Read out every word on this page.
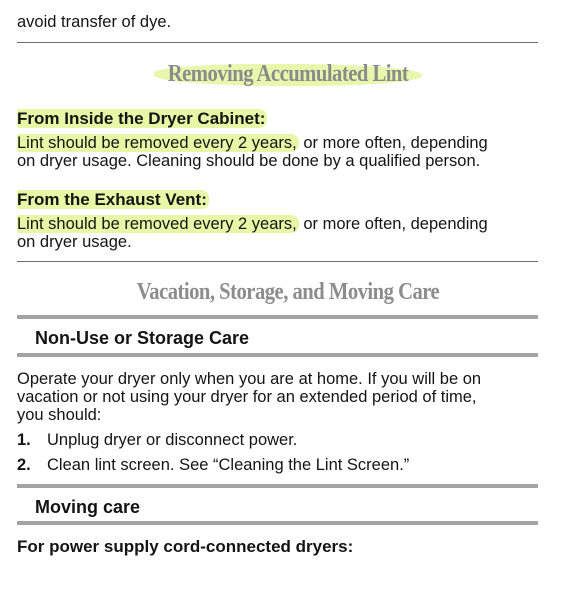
avoid transfer of dye.
Removing Accumulated Lint
From Inside the Dryer Cabinet:
Lint should be removed every 2 years, or more often, depending
on dryer usage. Cleaning should be done by a qualified person.
From the Exhaust Vent:
Lint should be removed every 2 years, or more often, depending
on dryer usage.
Vacation, Storage, and Moving Care
Non-Use or Storage Care
Operate your dryer only when you are at home. If you will be on
vacation or not using your dryer for an extended period of time,
you should:
1. Unplug dryer or disconnect power.
2. Clean lint screen. See “Cleaning the Lint Screen.”
Moving care
For power supply cord-connected dryers:
